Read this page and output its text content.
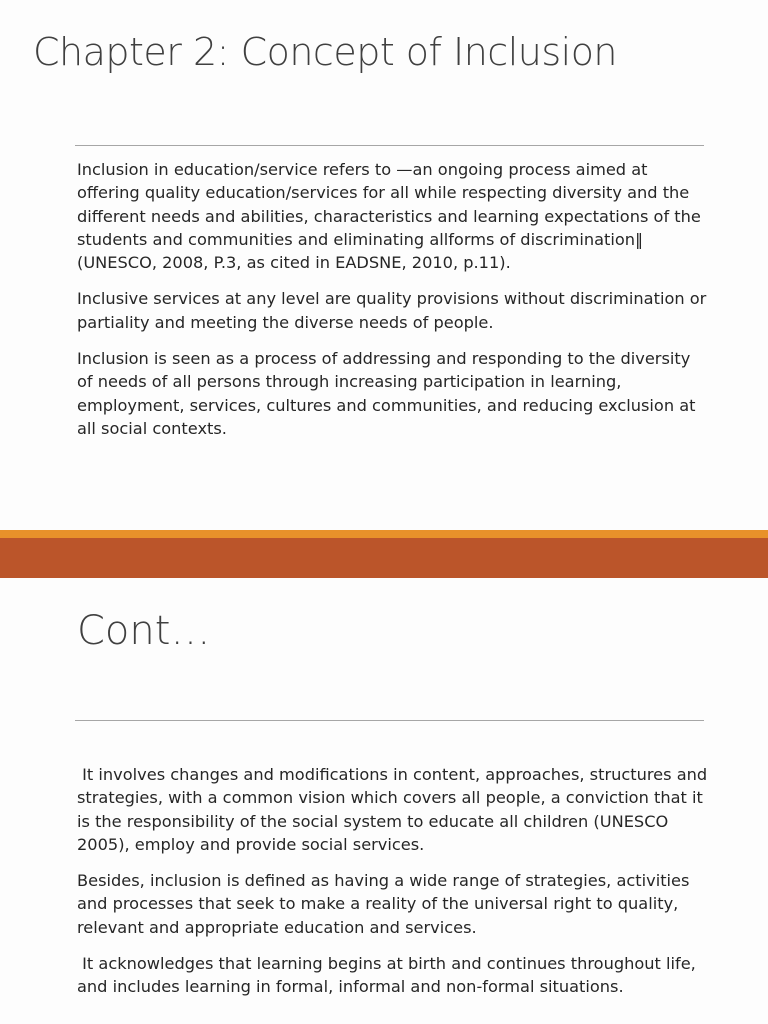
Chapter 2: Concept of Inclusion

Inclusion in education/service refers to —an ongoing process aimed at offering quality education/services for all while respecting diversity and the different needs and abilities, characteristics and learning expectations of the students and communities and eliminating allforms of discrimination‖ (UNESCO, 2008, P.3, as cited in EADSNE, 2010, p.11).

Inclusive services at any level are quality provisions without discrimination or partiality and meeting the diverse needs of people.

Inclusion is seen as a process of addressing and responding to the diversity of needs of all persons through increasing participation in learning, employment, services, cultures and communities, and reducing exclusion at all social contexts.

Cont…

It involves changes and modifications in content, approaches, structures and strategies, with a common vision which covers all people, a conviction that it is the responsibility of the social system to educate all children (UNESCO 2005), employ and provide social services.

Besides, inclusion is defined as having a wide range of strategies, activities and processes that seek to make a reality of the universal right to quality, relevant and appropriate education and services.

It acknowledges that learning begins at birth and continues throughout life, and includes learning in formal, informal and non-formal situations.
